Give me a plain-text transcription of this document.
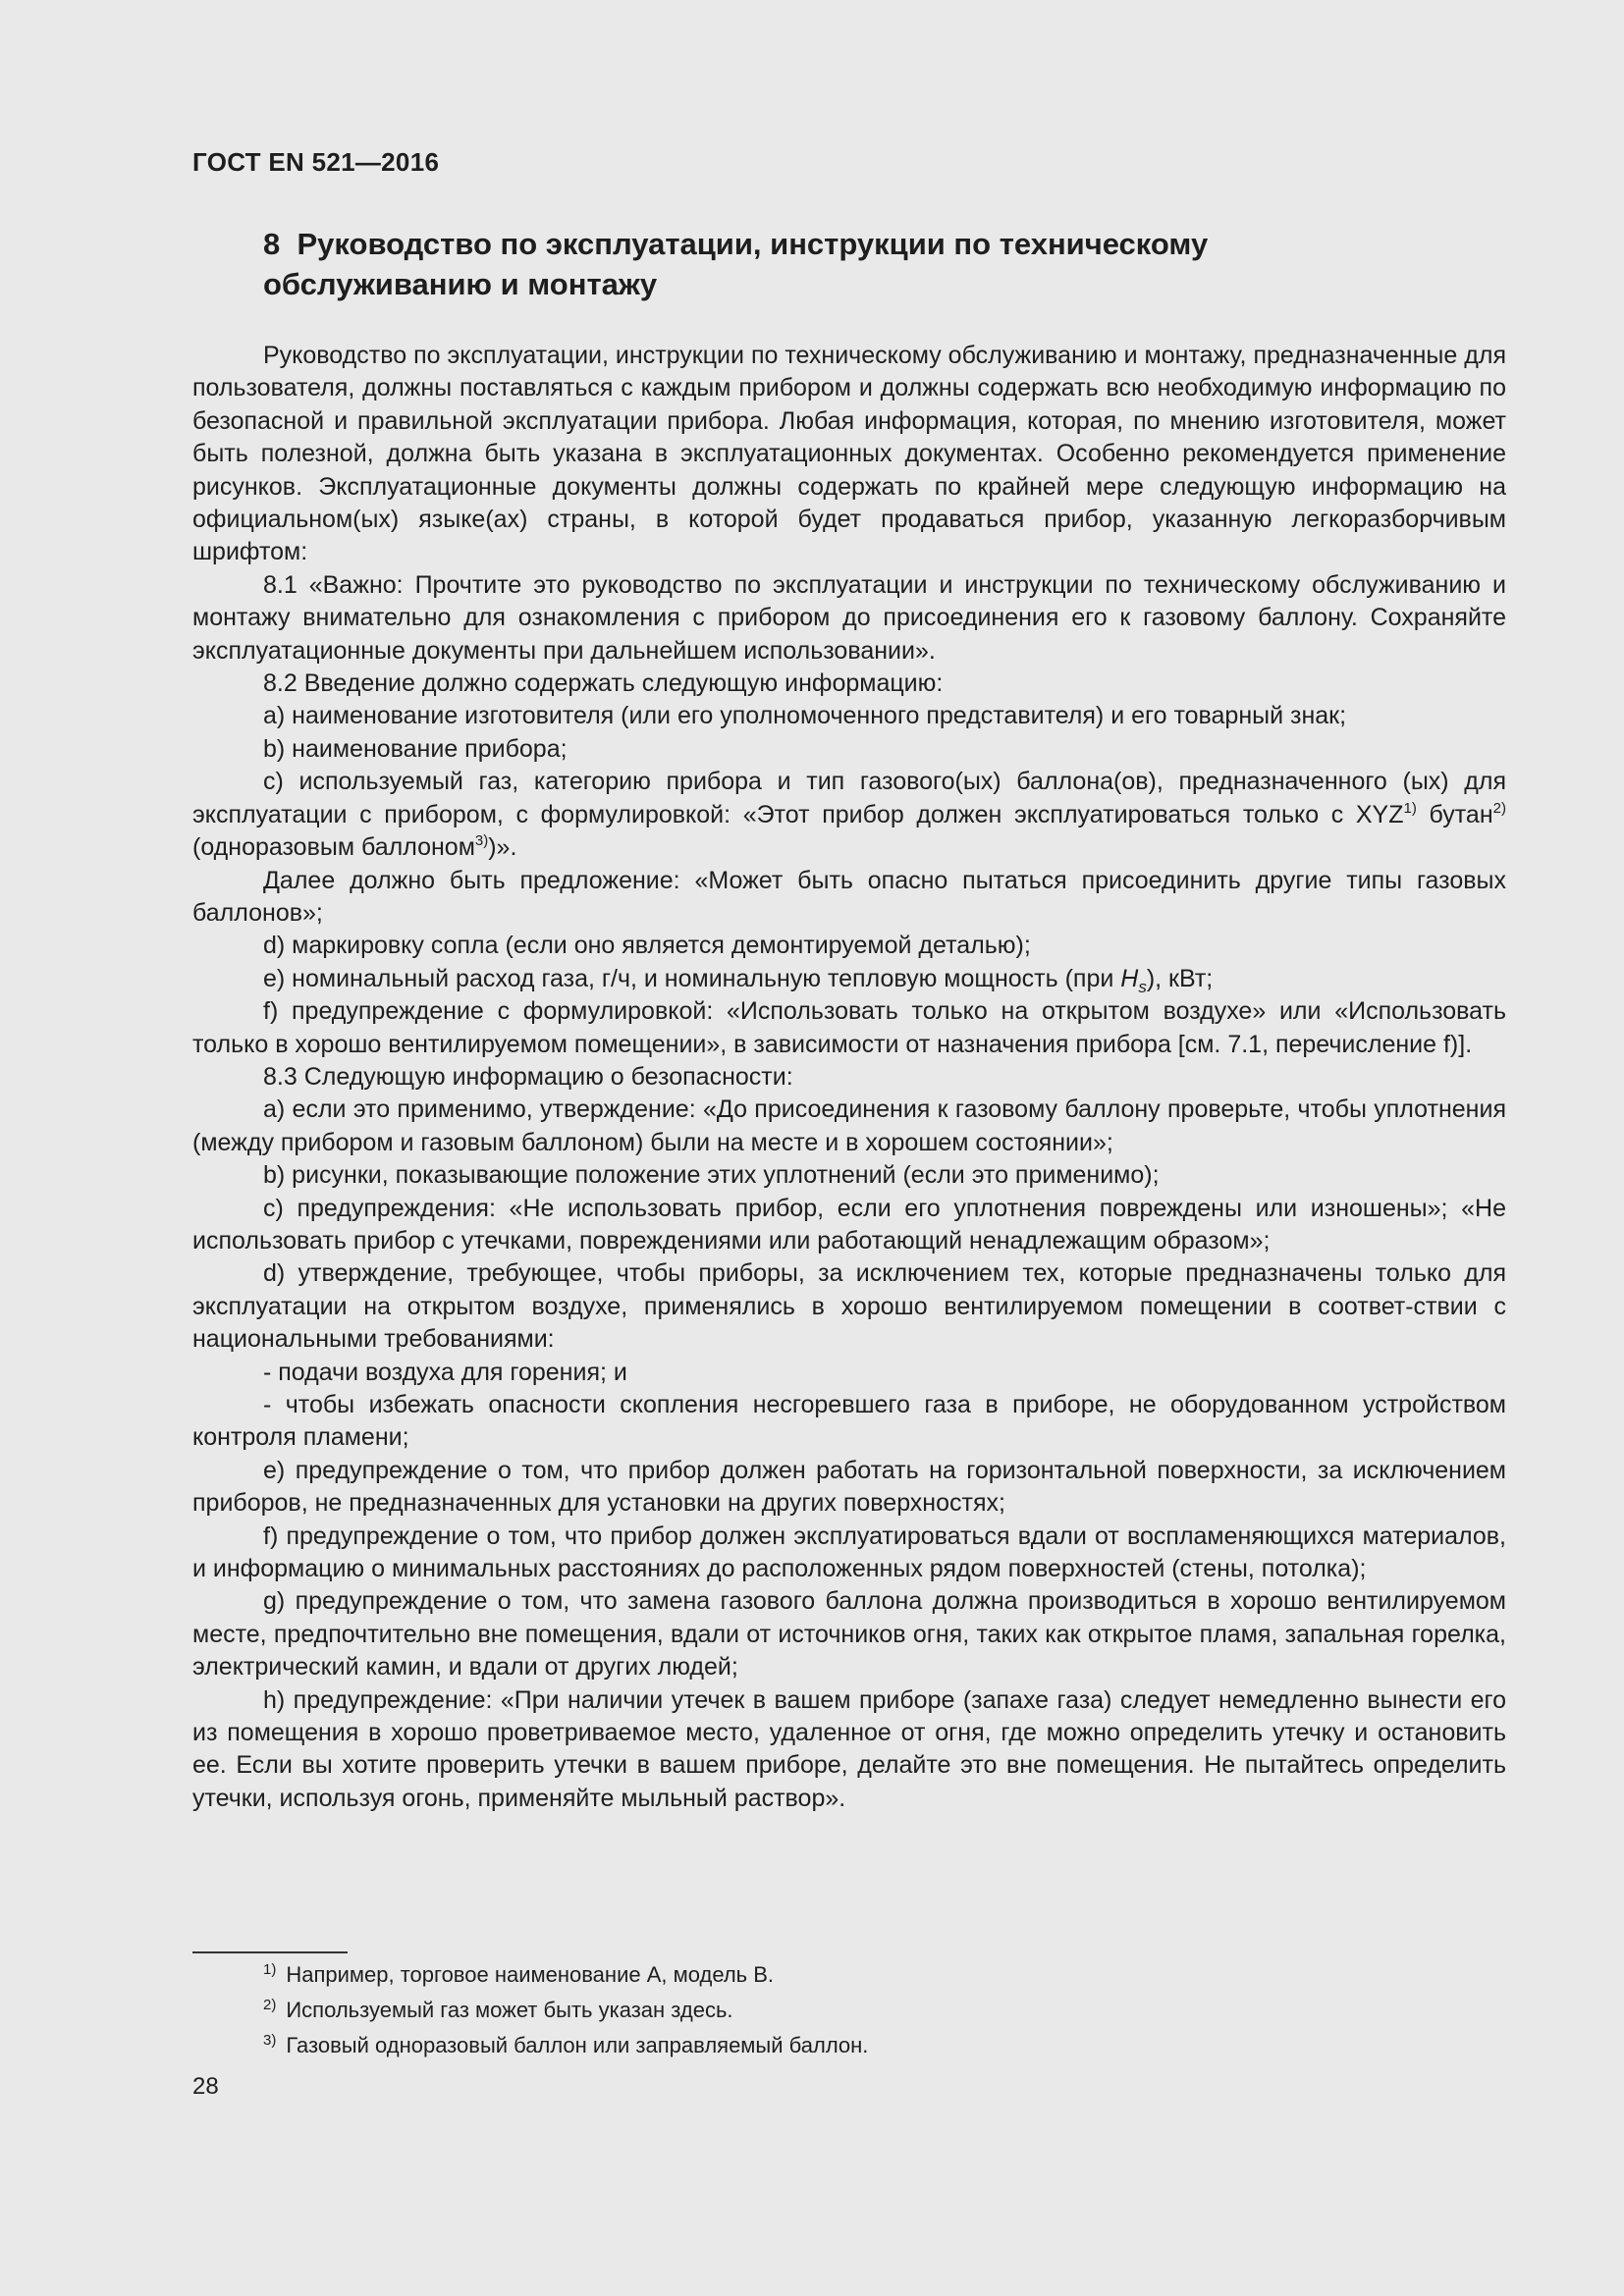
ГОСТ EN 521—2016
8 Руководство по эксплуатации, инструкции по техническому обслуживанию и монтажу

Руководство по эксплуатации, инструкции по техническому обслуживанию и монтажу, предназначенные для пользователя, должны поставляться с каждым прибором и должны содержать всю необходимую информацию по безопасной и правильной эксплуатации прибора. Любая информация, которая, по мнению изготовителя, может быть полезной, должна быть указана в эксплуатационных документах. Особенно рекомендуется применение рисунков. Эксплуатационные документы должны содержать по крайней мере следующую информацию на официальном(ых) языке(ах) страны, в которой будет продаваться прибор, указанную легкоразборчивым шрифтом:

8.1 «Важно: Прочтите это руководство по эксплуатации и инструкции по техническому обслуживанию и монтажу внимательно для ознакомления с прибором до присоединения его к газовому баллону. Сохраняйте эксплуатационные документы при дальнейшем использовании».

8.2 Введение должно содержать следующую информацию:

a) наименование изготовителя (или его уполномоченного представителя) и его товарный знак;

b) наименование прибора;

c) используемый газ, категорию прибора и тип газового(ых) баллона(ов), предназначенного (ых) для эксплуатации с прибором, с формулировкой: «Этот прибор должен эксплуатироваться только с XYZ$^{1)}$ бутан$^{2)}$ (одноразовым баллоном$^{3)}$)».

Далее должно быть предложение: «Может быть опасно пытаться присоединить другие типы газовых баллонов»;

d) маркировку сопла (если оно является демонтируемой деталью);

e) номинальный расход газа, г/ч, и номинальную тепловую мощность (при $H_s$), кВт;

f) предупреждение с формулировкой: «Использовать только на открытом воздухе» или «Использовать только в хорошо вентилируемом помещении», в зависимости от назначения прибора [см. 7.1, перечисление f)].

8.3 Следующую информацию о безопасности:

a) если это применимо, утверждение: «До присоединения к газовому баллону проверьте, чтобы уплотнения (между прибором и газовым баллоном) были на месте и в хорошем состоянии»;

b) рисунки, показывающие положение этих уплотнений (если это применимо);

c) предупреждения: «Не использовать прибор, если его уплотнения повреждены или изношены»; «Не использовать прибор с утечками, повреждениями или работающий ненадлежащим образом»;

d) утверждение, требующее, чтобы приборы, за исключением тех, которые предназначены только для эксплуатации на открытом воздухе, применялись в хорошо вентилируемом помещении в соответ-ствии с национальными требованиями:

- подачи воздуха для горения; и

- чтобы избежать опасности скопления несгоревшего газа в приборе, не оборудованном устройством контроля пламени;

e) предупреждение о том, что прибор должен работать на горизонтальной поверхности, за исключением приборов, не предназначенных для установки на других поверхностях;

f) предупреждение о том, что прибор должен эксплуатироваться вдали от воспламеняющихся материалов, и информацию о минимальных расстояниях до расположенных рядом поверхностей (стены, потолка);

g) предупреждение о том, что замена газового баллона должна производиться в хорошо вентилируемом месте, предпочтительно вне помещения, вдали от источников огня, таких как открытое пламя, запальная горелка, электрический камин, и вдали от других людей;

h) предупреждение: «При наличии утечек в вашем приборе (запахе газа) следует немедленно вынести его из помещения в хорошо проветриваемое место, удаленное от огня, где можно определить утечку и остановить ее. Если вы хотите проверить утечки в вашем приборе, делайте это вне помещения. Не пытайтесь определить утечки, используя огонь, применяйте мыльный раствор».

$^{1)}$ Например, торговое наименование А, модель В.

$^{2)}$ Используемый газ может быть указан здесь.

$^{3)}$ Газовый одноразовый баллон или заправляемый баллон.

28
